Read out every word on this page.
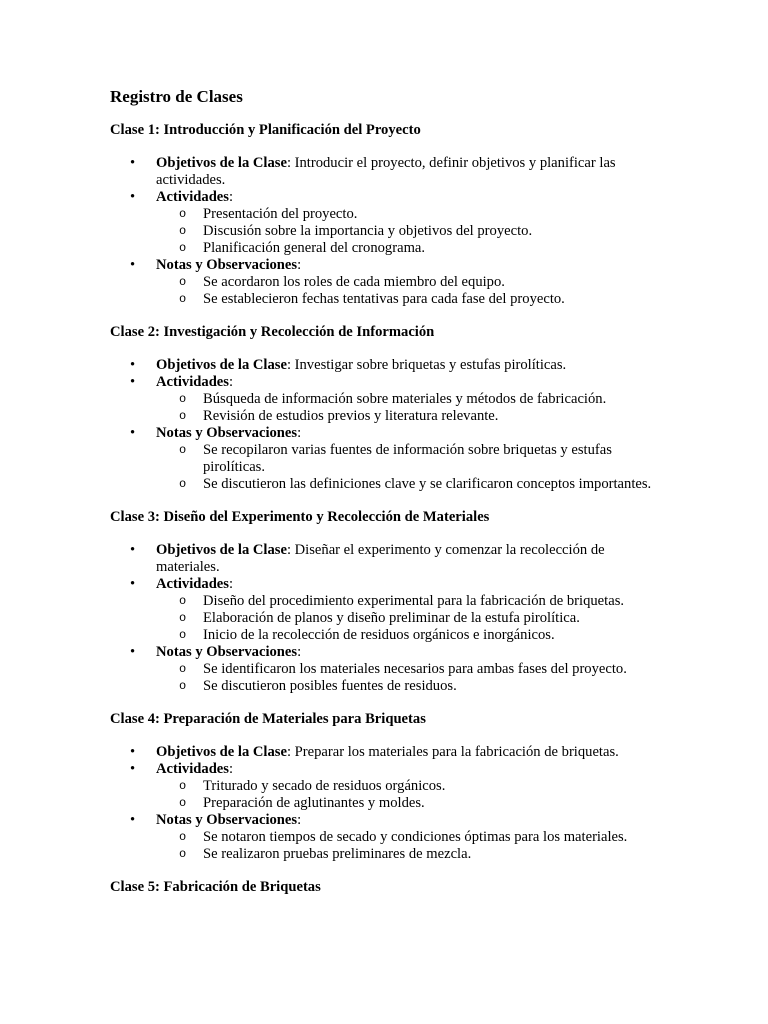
Registro de Clases
Clase 1: Introducción y Planificación del Proyecto
• Objetivos de la Clase: Introducir el proyecto, definir objetivos y planificar las actividades.
• Actividades:
o Presentación del proyecto.
o Discusión sobre la importancia y objetivos del proyecto.
o Planificación general del cronograma.
• Notas y Observaciones:
o Se acordaron los roles de cada miembro del equipo.
o Se establecieron fechas tentativas para cada fase del proyecto.
Clase 2: Investigación y Recolección de Información
• Objetivos de la Clase: Investigar sobre briquetas y estufas pirolíticas.
• Actividades:
o Búsqueda de información sobre materiales y métodos de fabricación.
o Revisión de estudios previos y literatura relevante.
• Notas y Observaciones:
o Se recopilaron varias fuentes de información sobre briquetas y estufas pirolíticas.
o Se discutieron las definiciones clave y se clarificaron conceptos importantes.
Clase 3: Diseño del Experimento y Recolección de Materiales
• Objetivos de la Clase: Diseñar el experimento y comenzar la recolección de materiales.
• Actividades:
o Diseño del procedimiento experimental para la fabricación de briquetas.
o Elaboración de planos y diseño preliminar de la estufa pirolítica.
o Inicio de la recolección de residuos orgánicos e inorgánicos.
• Notas y Observaciones:
o Se identificaron los materiales necesarios para ambas fases del proyecto.
o Se discutieron posibles fuentes de residuos.
Clase 4: Preparación de Materiales para Briquetas
• Objetivos de la Clase: Preparar los materiales para la fabricación de briquetas.
• Actividades:
o Triturado y secado de residuos orgánicos.
o Preparación de aglutinantes y moldes.
• Notas y Observaciones:
o Se notaron tiempos de secado y condiciones óptimas para los materiales.
o Se realizaron pruebas preliminares de mezcla.
Clase 5: Fabricación de Briquetas
